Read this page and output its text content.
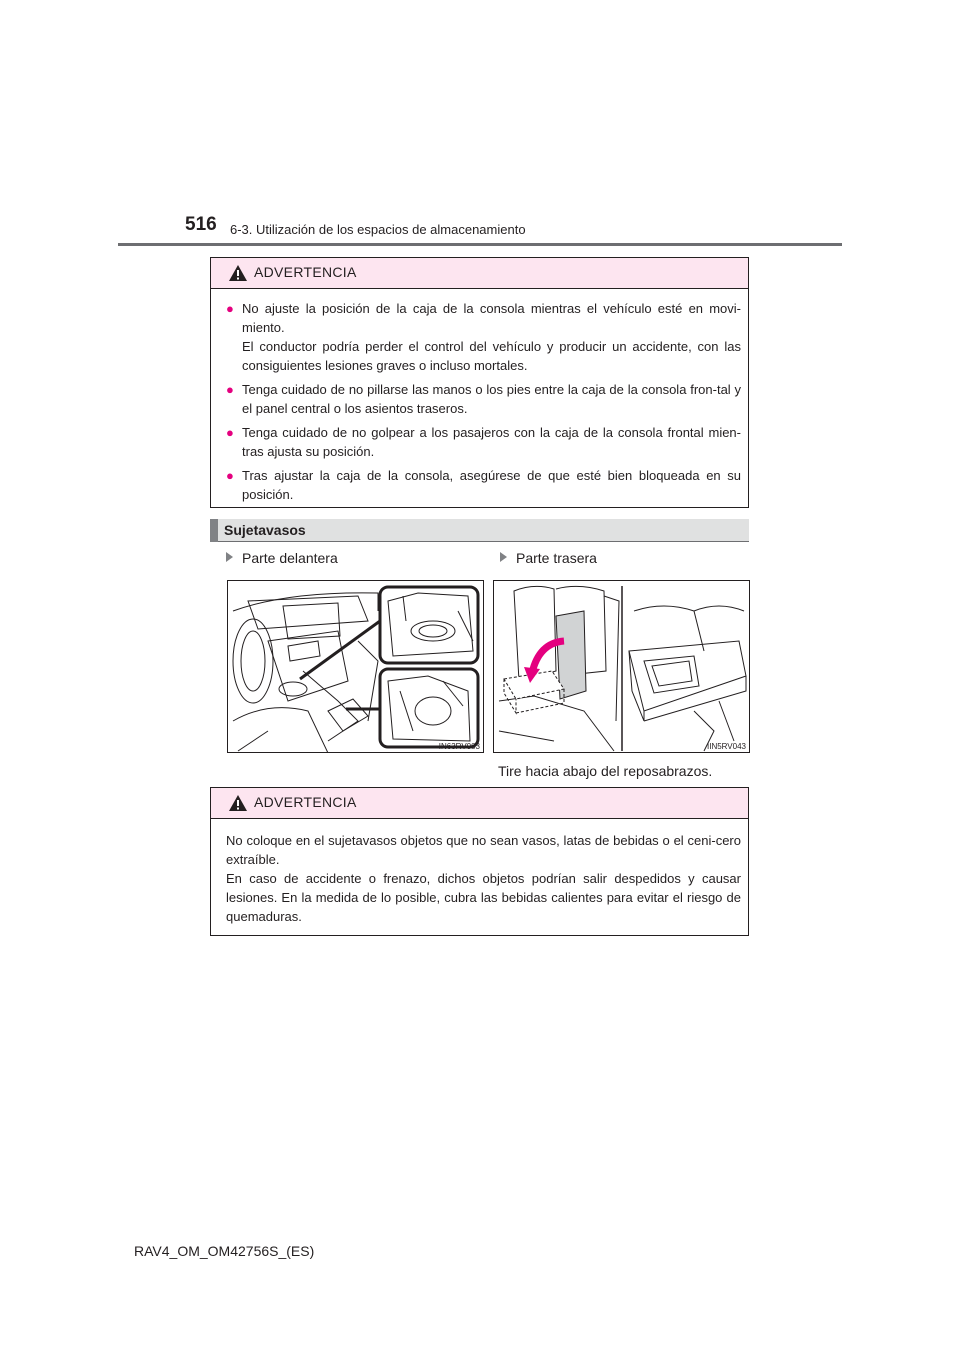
516 6-3. Utilización de los espacios de almacenamiento
ADVERTENCIA
● No ajuste la posición de la caja de la consola mientras el vehículo esté en movi-miento.

El conductor podría perder el control del vehículo y producir un accidente, con las consiguientes lesiones graves o incluso mortales.

● Tenga cuidado de no pillarse las manos o los pies entre la caja de la consola fron-tal y el panel central o los asientos traseros.

● Tenga cuidado de no golpear a los pasajeros con la caja de la consola frontal mien-tras ajusta su posición.

● Tras ajustar la caja de la consola, asegúrese de que esté bien bloqueada en su posición.

Sujetavasos
Parte delantera	Parte trasera
IN63RV003	IIN5RV043
Tire hacia abajo del reposabrazos.
ADVERTENCIA

No coloque en el sujetavasos objetos que no sean vasos, latas de bebidas o el ceni-cero extraíble.

En caso de accidente o frenazo, dichos objetos podrían salir despedidos y causar lesiones. En la medida de lo posible, cubra las bebidas calientes para evitar el riesgo de quemaduras.

RAV4_OM_OM42756S_(ES)
